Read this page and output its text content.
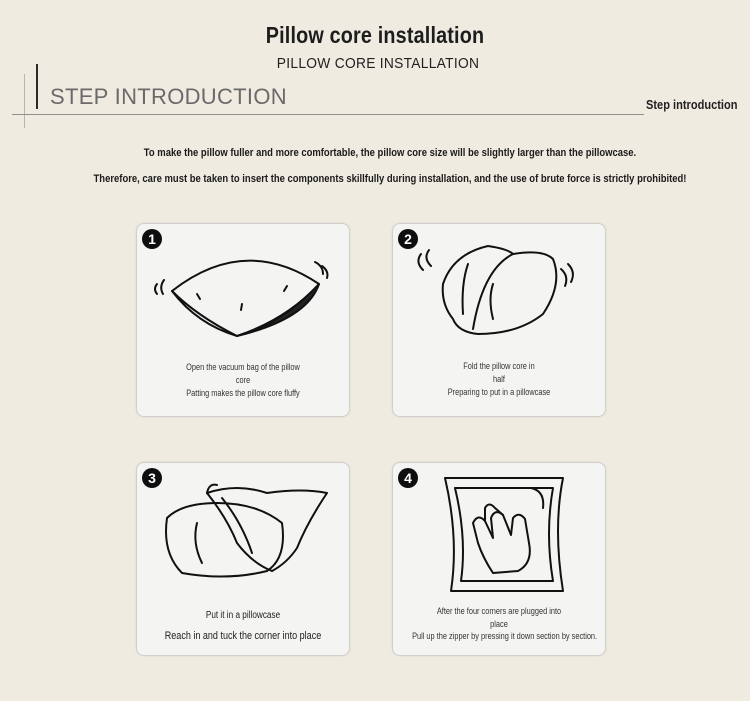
Pillow core installation
PILLOW CORE INSTALLATION
STEP INTRODUCTION	Step introduction
To make the pillow fuller and more comfortable, the pillow core size will be slightly larger than the pillowcase.
Therefore, care must be taken to insert the components skillfully during installation, and the use of brute force is strictly prohibited!
1
Open the vacuum bag of the pillow
core
Patting makes the pillow core fluffy
2
Fold the pillow core in
half
Preparing to put in a pillowcase
3
Put it in a pillowcase
Reach in and tuck the corner into place
4
After the four corners are plugged into
place
Pull up the zipper by pressing it down section by section.
